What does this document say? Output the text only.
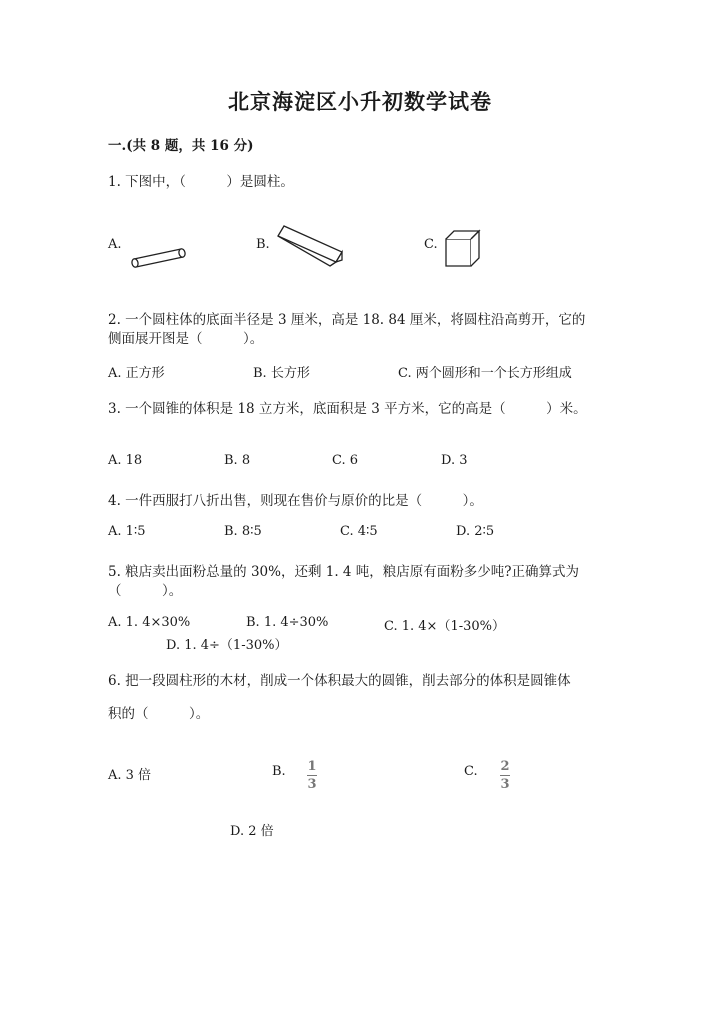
北京海淀区小升初数学试卷
一.(共 8 题，共 16 分)
1. 下图中，（　　　）是圆柱。
A.	B.	C.
2. 一个圆柱体的底面半径是 3 厘米，高是 18. 84 厘米，将圆柱沿高剪开，它的
侧面展开图是（　　　）。
A. 正方形	B. 长方形	C. 两个圆形和一个长方形组成
3. 一个圆锥的体积是 18 立方米，底面积是 3 平方米，它的高是（　　　）米。
A. 18	B. 8	C. 6	D. 3
4. 一件西服打八折出售，则现在售价与原价的比是（　　　）。
A. 1∶5	B. 8∶5	C. 4∶5	D. 2∶5
5. 粮店卖出面粉总量的 30%，还剩 1. 4 吨，粮店原有面粉多少吨?正确算式为
（　　　）。
A. 1. 4×30%	B. 1. 4÷30%	C. 1. 4×（1-30%）
D. 1. 4÷（1-30%）
6. 把一段圆柱形的木材，削成一个体积最大的圆锥，削去部分的体积是圆锥体
积的（　　　）。
A. 3 倍	B. 1
3
C. 2
3
D. 2 倍
